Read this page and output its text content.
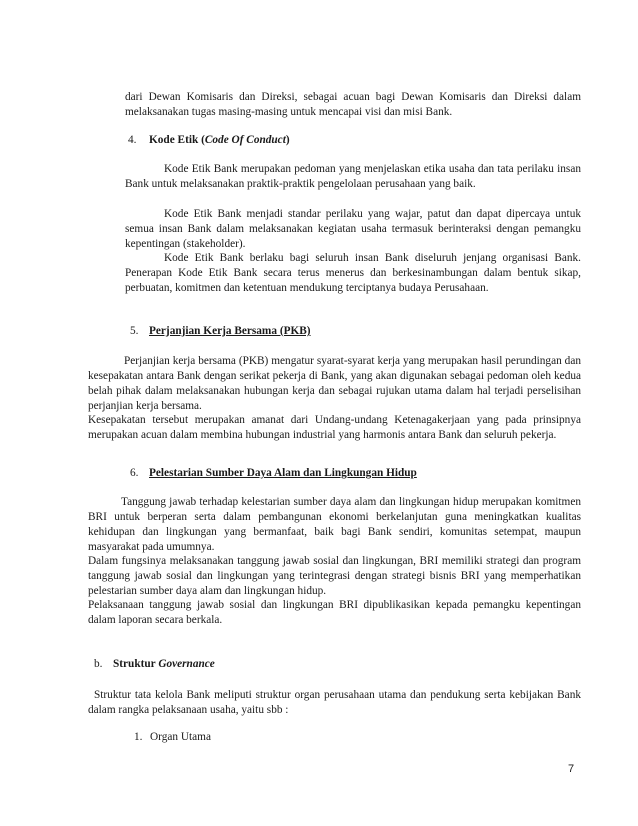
dari Dewan Komisaris dan Direksi, sebagai acuan bagi Dewan Komisaris dan Direksi dalam melaksanakan tugas masing-masing untuk mencapai visi dan misi Bank.

4. Kode Etik (Code Of Conduct)

Kode Etik Bank merupakan pedoman yang menjelaskan etika usaha dan tata perilaku insan Bank untuk melaksanakan praktik-praktik pengelolaan perusahaan yang baik.

Kode Etik Bank menjadi standar perilaku yang wajar, patut dan dapat dipercaya untuk semua insan Bank dalam melaksanakan kegiatan usaha termasuk berinteraksi dengan pemangku kepentingan (stakeholder).

Kode Etik Bank berlaku bagi seluruh insan Bank diseluruh jenjang organisasi Bank. Penerapan Kode Etik Bank secara terus menerus dan berkesinambungan dalam bentuk sikap, perbuatan, komitmen dan ketentuan mendukung terciptanya budaya Perusahaan.

5. Perjanjian Kerja Bersama (PKB)

Perjanjian kerja bersama (PKB) mengatur syarat-syarat kerja yang merupakan hasil perundingan dan kesepakatan antara Bank dengan serikat pekerja di Bank, yang akan digunakan sebagai pedoman oleh kedua belah pihak dalam melaksanakan hubungan kerja dan sebagai rujukan utama dalam hal terjadi perselisihan perjanjian kerja bersama.

Kesepakatan tersebut merupakan amanat dari Undang-undang Ketenagakerjaan yang pada prinsipnya merupakan acuan dalam membina hubungan industrial yang harmonis antara Bank dan seluruh pekerja.

6. Pelestarian Sumber Daya Alam dan Lingkungan Hidup

Tanggung jawab terhadap kelestarian sumber daya alam dan lingkungan hidup merupakan komitmen BRI untuk berperan serta dalam pembangunan ekonomi berkelanjutan guna meningkatkan kualitas kehidupan dan lingkungan yang bermanfaat, baik bagi Bank sendiri, komunitas setempat, maupun masyarakat pada umumnya.

Dalam fungsinya melaksanakan tanggung jawab sosial dan lingkungan, BRI memiliki strategi dan program tanggung jawab sosial dan lingkungan yang terintegrasi dengan strategi bisnis BRI yang memperhatikan pelestarian sumber daya alam dan lingkungan hidup.

Pelaksanaan tanggung jawab sosial dan lingkungan BRI dipublikasikan kepada pemangku kepentingan dalam laporan secara berkala.

b. Struktur Governance

Struktur tata kelola Bank meliputi struktur organ perusahaan utama dan pendukung serta kebijakan Bank dalam rangka pelaksanaan usaha, yaitu sbb :

1. Organ Utama

7
